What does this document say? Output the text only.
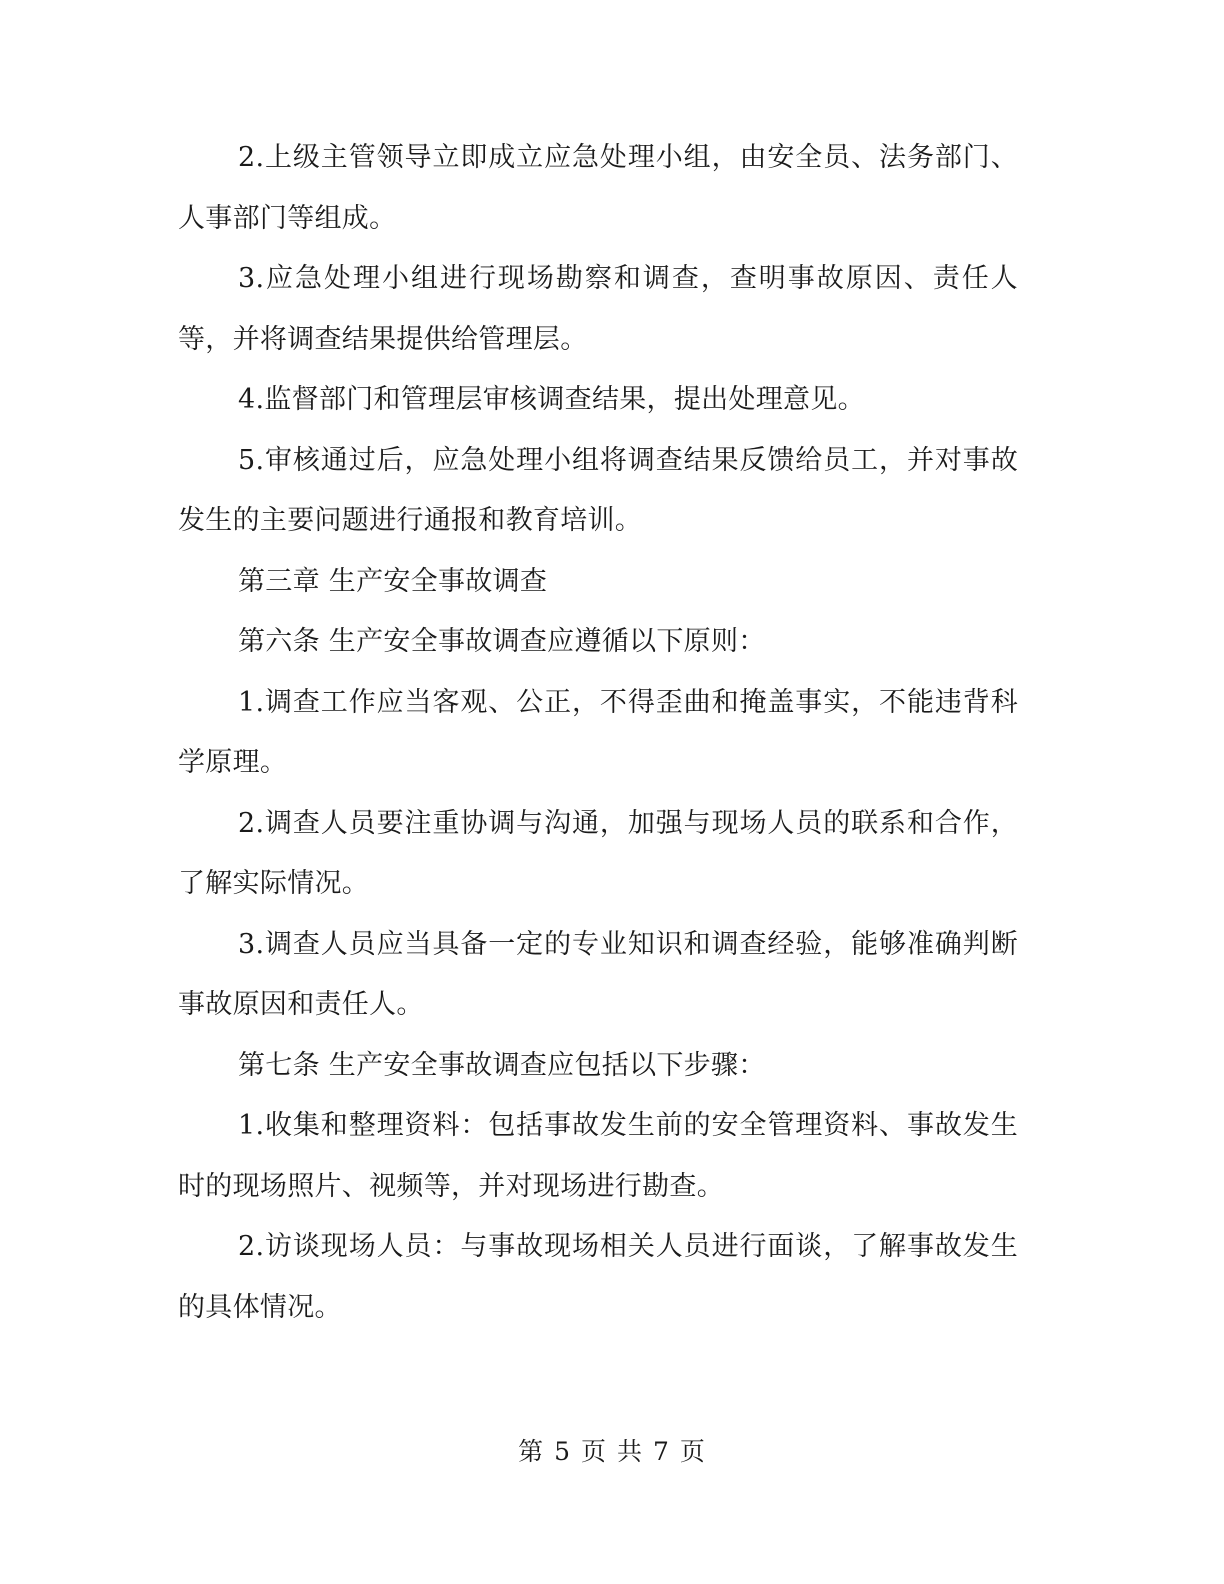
2.上级主管领导立即成立应急处理小组，由安全员、法务部门、人事部门等组成。

3.应急处理小组进行现场勘察和调查，查明事故原因、责任人等，并将调查结果提供给管理层。

4.监督部门和管理层审核调查结果，提出处理意见。

5.审核通过后，应急处理小组将调查结果反馈给员工，并对事故发生的主要问题进行通报和教育培训。

第三章 生产安全事故调查

第六条 生产安全事故调查应遵循以下原则：

1.调查工作应当客观、公正，不得歪曲和掩盖事实，不能违背科学原理。

2.调查人员要注重协调与沟通，加强与现场人员的联系和合作，了解实际情况。

3.调查人员应当具备一定的专业知识和调查经验，能够准确判断事故原因和责任人。

第七条 生产安全事故调查应包括以下步骤：

1.收集和整理资料：包括事故发生前的安全管理资料、事故发生时的现场照片、视频等，并对现场进行勘查。

2.访谈现场人员：与事故现场相关人员进行面谈，了解事故发生的具体情况。

第 5 页 共 7 页
